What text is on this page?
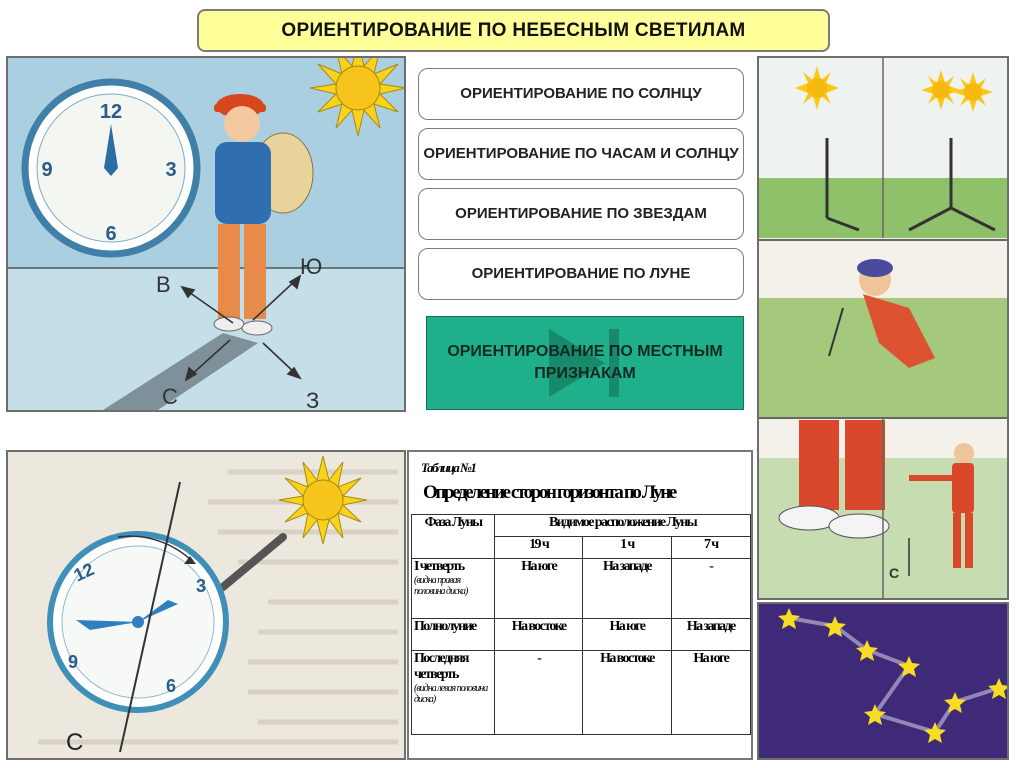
ОРИЕНТИРОВАНИЕ ПО НЕБЕСНЫМ СВЕТИЛАМ
12
3
6
9
В
Ю
С	З
ОРИЕНТИРОВАНИЕ ПО СОЛНЦУ
ОРИЕНТИРОВАНИЕ ПО ЧАСАМ И СОЛНЦУ
ОРИЕНТИРОВАНИЕ ПО ЗВЕЗДАМ
ОРИЕНТИРОВАНИЕ ПО ЛУНЕ
ОРИЕНТИРОВАНИЕ ПО МЕСТНЫМ ПРИЗНАКАМ
С
12
3
6
9
С
Таблица №1
Определение сторон горизонта по Луне
Фаза Луны	Видимое расположение Луны		
	19 ч	1 ч	7 ч

I четверть
(видна правая половина диска)	На юге	На западе	-

Полнолуние	На востоке	На юге	На западе

Последняя четверть
(видна левая половина диска)	-	На востоке	На юге
